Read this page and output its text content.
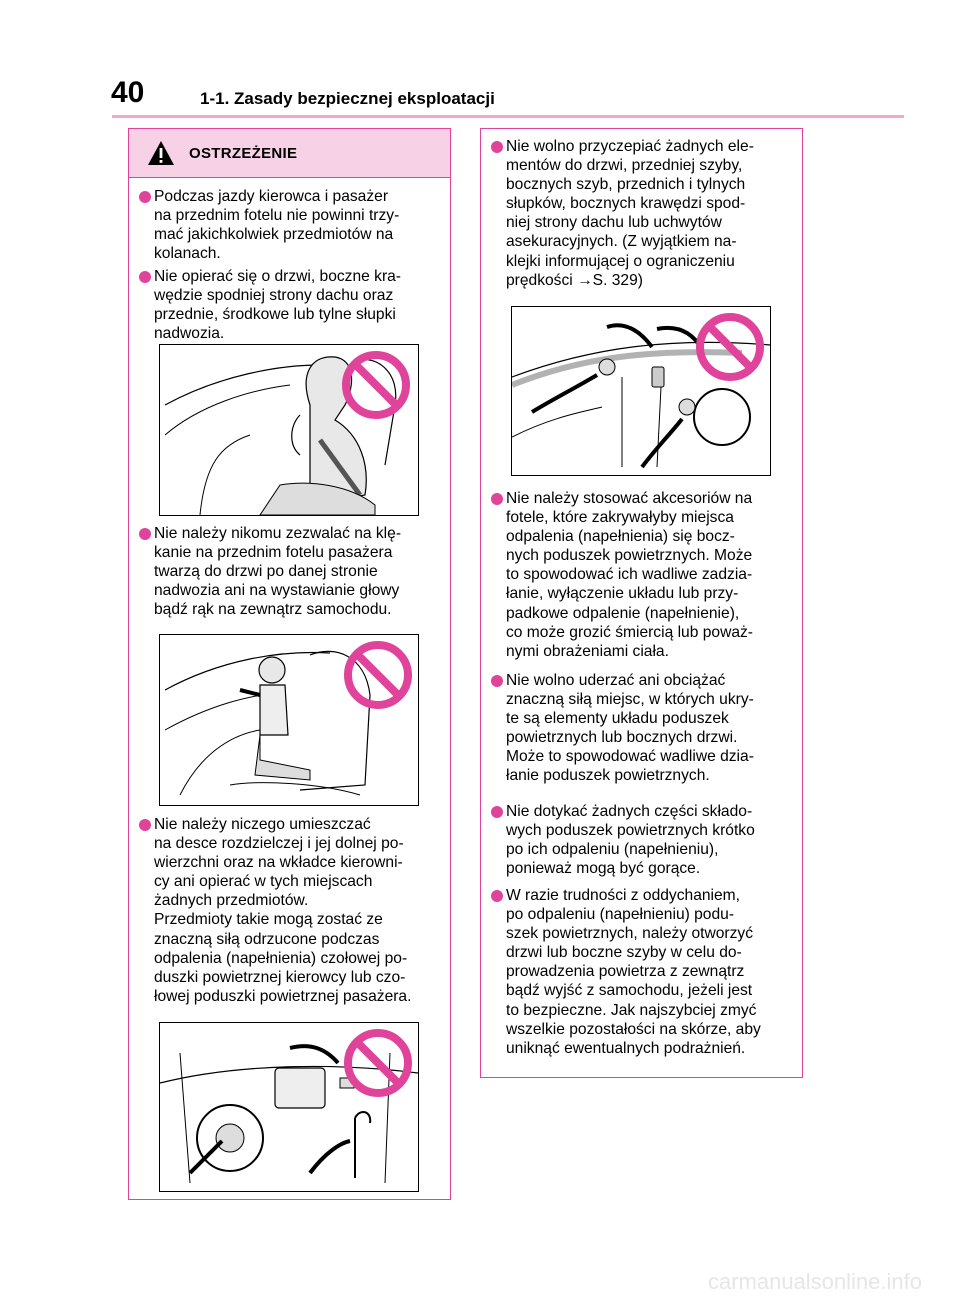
40	1-1. Zasady bezpiecznej eksploatacji
OSTRZEŻENIE
Podczas jazdy kierowca i pasażer
na przednim fotelu nie powinni trzy-
mać jakichkolwiek przedmiotów na
kolanach.
Nie opierać się o drzwi, boczne kra-
wędzie spodniej strony dachu oraz
przednie, środkowe lub tylne słupki
nadwozia.
Nie należy nikomu zezwalać na klę-
kanie na przednim fotelu pasażera
twarzą do drzwi po danej stronie
nadwozia ani na wystawianie głowy
bądź rąk na zewnątrz samochodu.
Nie należy niczego umieszczać
na desce rozdzielczej i jej dolnej po-
wierzchni oraz na wkładce kierowni-
cy ani opierać w tych miejscach
żadnych przedmiotów.
Przedmioty takie mogą zostać ze
znaczną siłą odrzucone podczas
odpalenia (napełnienia) czołowej po-
duszki powietrznej kierowcy lub czo-
łowej poduszki powietrznej pasażera.
Nie wolno przyczepiać żadnych ele-
mentów do drzwi, przedniej szyby,
bocznych szyb, przednich i tylnych
słupków, bocznych krawędzi spod-
niej strony dachu lub uchwytów
asekuracyjnych. (Z wyjątkiem na-
klejki informującej o ograniczeniu
prędkości →S. 329)
Nie należy stosować akcesoriów na
fotele, które zakrywałyby miejsca
odpalenia (napełnienia) się bocz-
nych poduszek powietrznych. Może
to spowodować ich wadliwe zadzia-
łanie, wyłączenie układu lub przy-
padkowe odpalenie (napełnienie),
co może grozić śmiercią lub poważ-
nymi obrażeniami ciała.
Nie wolno uderzać ani obciążać
znaczną siłą miejsc, w których ukry-
te są elementy układu poduszek
powietrznych lub bocznych drzwi.
Może to spowodować wadliwe dzia-
łanie poduszek powietrznych.
Nie dotykać żadnych części składo-
wych poduszek powietrznych krótko
po ich odpaleniu (napełnieniu),
ponieważ mogą być gorące.
W razie trudności z oddychaniem,
po odpaleniu (napełnieniu) podu-
szek powietrznych, należy otworzyć
drzwi lub boczne szyby w celu do-
prowadzenia powietrza z zewnątrz
bądź wyjść z samochodu, jeżeli jest
to bezpieczne. Jak najszybciej zmyć
wszelkie pozostałości na skórze, aby
uniknąć ewentualnych podrażnień.
carmanualsonline.info
